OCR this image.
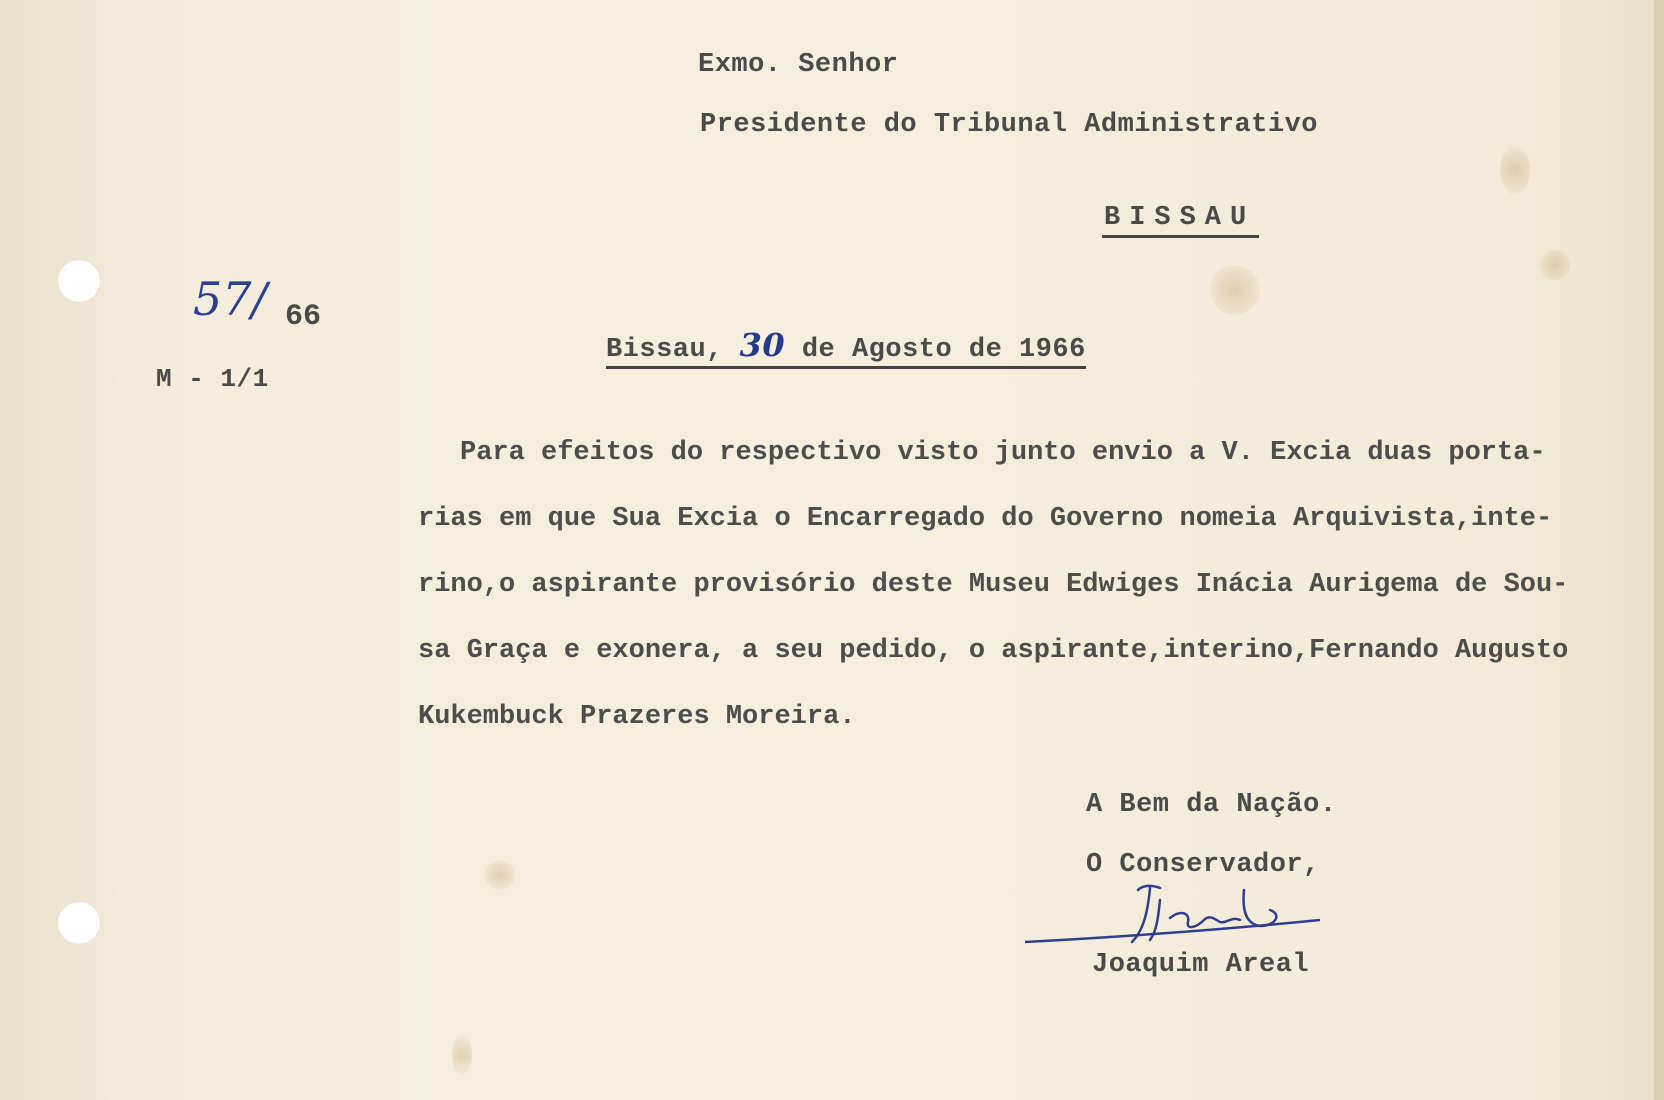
Exmo. Senhor
Presidente do Tribunal Administrativo
BISSAU
57/ 66
M - 1/1
Bissau, 30 de Agosto de 1966
Para efeitos do respectivo visto junto envio a V. Excia duas porta-
rias em que Sua Excia o Encarregado do Governo nomeia Arquivista,inte-
rino,o aspirante provisório deste Museu Edwiges Inácia Aurigema de Sou-
sa Graça e exonera, a seu pedido, o aspirante,interino,Fernando Augusto
Kukembuck Prazeres Moreira.
A Bem da Nação.
O Conservador,
Joaquim Areal
